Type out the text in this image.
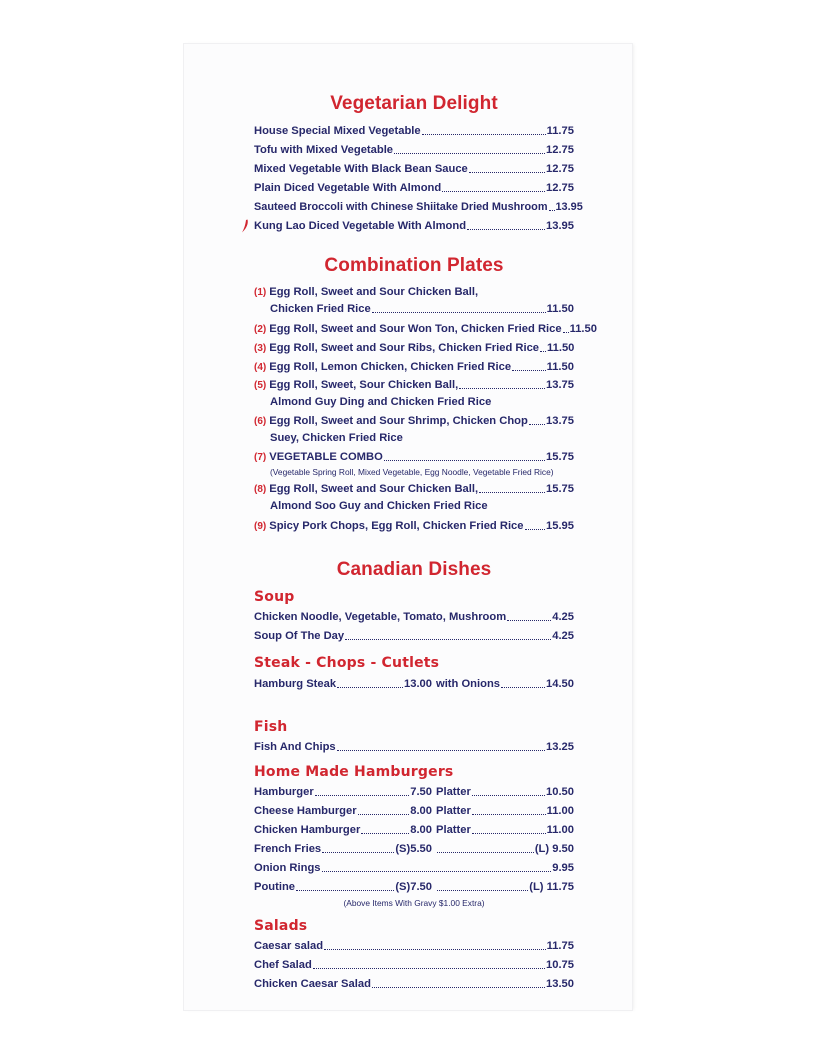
Vegetarian Delight
House Special Mixed Vegetable	11.75
Tofu with Mixed Vegetable	12.75
Mixed Vegetable With Black Bean Sauce	12.75
Plain Diced Vegetable With Almond	12.75
Sauteed Broccoli with Chinese Shiitake Dried Mushroom 13.95
Kung Lao Diced Vegetable With Almond	13.95
Combination Plates
(1) Egg Roll, Sweet and Sour Chicken Ball,
Chicken Fried Rice	11.50
(2) Egg Roll, Sweet and Sour Won Ton, Chicken Fried Rice 11.50
(3) Egg Roll, Sweet and Sour Ribs, Chicken Fried Rice 11.50
(4) Egg Roll, Lemon Chicken, Chicken Fried Rice	11.50
(5) Egg Roll, Sweet, Sour Chicken Ball,	13.75
Almond Guy Ding and Chicken Fried Rice
(6) Egg Roll, Sweet and Sour Shrimp, Chicken Chop 13.75
Suey, Chicken Fried Rice
(7) VEGETABLE COMBO	15.75
(Vegetable Spring Roll, Mixed Vegetable, Egg Noodle, Vegetable Fried Rice)
(8) Egg Roll, Sweet and Sour Chicken Ball,	15.75
Almond Soo Guy and Chicken Fried Rice
(9) Spicy Pork Chops, Egg Roll, Chicken Fried Rice 15.95
Canadian Dishes
Soup
Chicken Noodle, Vegetable, Tomato, Mushroom	4.25
Soup Of The Day	4.25
Steak - Chops - Cutlets
Hamburg Steak	13.00 with Onions	14.50
Fish
Fish And Chips	13.25
Home Made Hamburgers
Hamburger	7.50 Platter	10.50
Cheese Hamburger	8.00 Platter	11.00
Chicken Hamburger	8.00 Platter	11.00
French Fries	(S)5.50	(L) 9.50
Onion Rings	9.95
Poutine	(S)7.50	(L) 11.75
(Above Items With Gravy $1.00 Extra)
Salads
Caesar salad	11.75
Chef Salad	10.75
Chicken Caesar Salad	13.50
